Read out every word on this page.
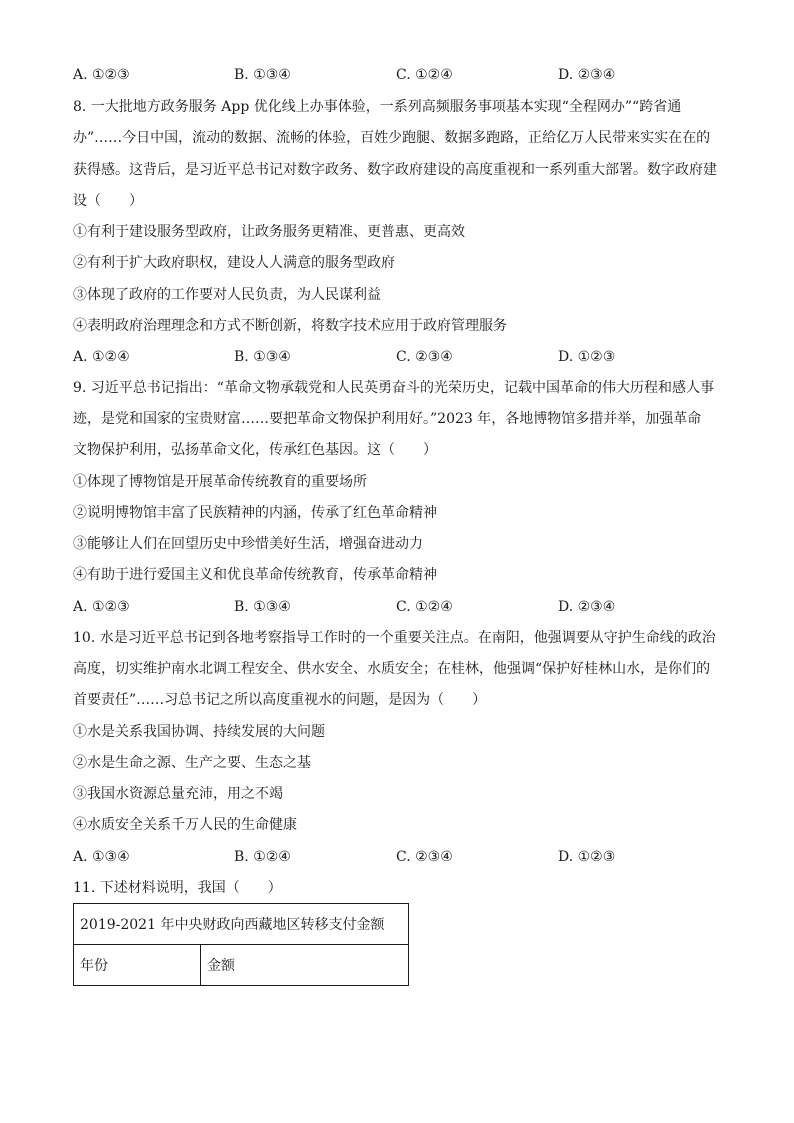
A. ①②③	B. ①③④	C. ①②④	D. ②③④
8. 一大批地方政务服务 App 优化线上办事体验，一系列高频服务事项基本实现“全程网办”“跨省通
办”……今日中国，流动的数据、流畅的体验，百姓少跑腿、数据多跑路，正给亿万人民带来实实在在的
获得感。这背后，是习近平总书记对数字政务、数字政府建设的高度重视和一系列重大部署。数字政府建
设（　　）
①有利于建设服务型政府，让政务服务更精准、更普惠、更高效
②有利于扩大政府职权，建设人人满意的服务型政府
③体现了政府的工作要对人民负责，为人民谋利益
④表明政府治理理念和方式不断创新，将数字技术应用于政府管理服务
A. ①②④	B. ①③④	C. ②③④	D. ①②③
9. 习近平总书记指出：“革命文物承载党和人民英勇奋斗的光荣历史，记载中国革命的伟大历程和感人事
迹，是党和国家的宝贵财富……要把革命文物保护利用好。”2023 年，各地博物馆多措并举，加强革命
文物保护利用，弘扬革命文化，传承红色基因。这（　　）
①体现了博物馆是开展革命传统教育的重要场所
②说明博物馆丰富了民族精神的内涵，传承了红色革命精神
③能够让人们在回望历史中珍惜美好生活，增强奋进动力
④有助于进行爱国主义和优良革命传统教育，传承革命精神
A. ①②③	B. ①③④	C. ①②④	D. ②③④
10. 水是习近平总书记到各地考察指导工作时的一个重要关注点。在南阳，他强调要从守护生命线的政治
高度，切实维护南水北调工程安全、供水安全、水质安全；在桂林，他强调“保护好桂林山水，是你们的
首要责任”……习总书记之所以高度重视水的问题，是因为（　　）
①水是关系我国协调、持续发展的大问题
②水是生命之源、生产之要、生态之基
③我国水资源总量充沛，用之不竭
④水质安全关系千万人民的生命健康
A. ①③④	B. ①②④	C. ②③④	D. ①②③
11. 下述材料说明，我国（　　）
2019-2021 年中央财政向西藏地区转移支付金额
年份	金额
